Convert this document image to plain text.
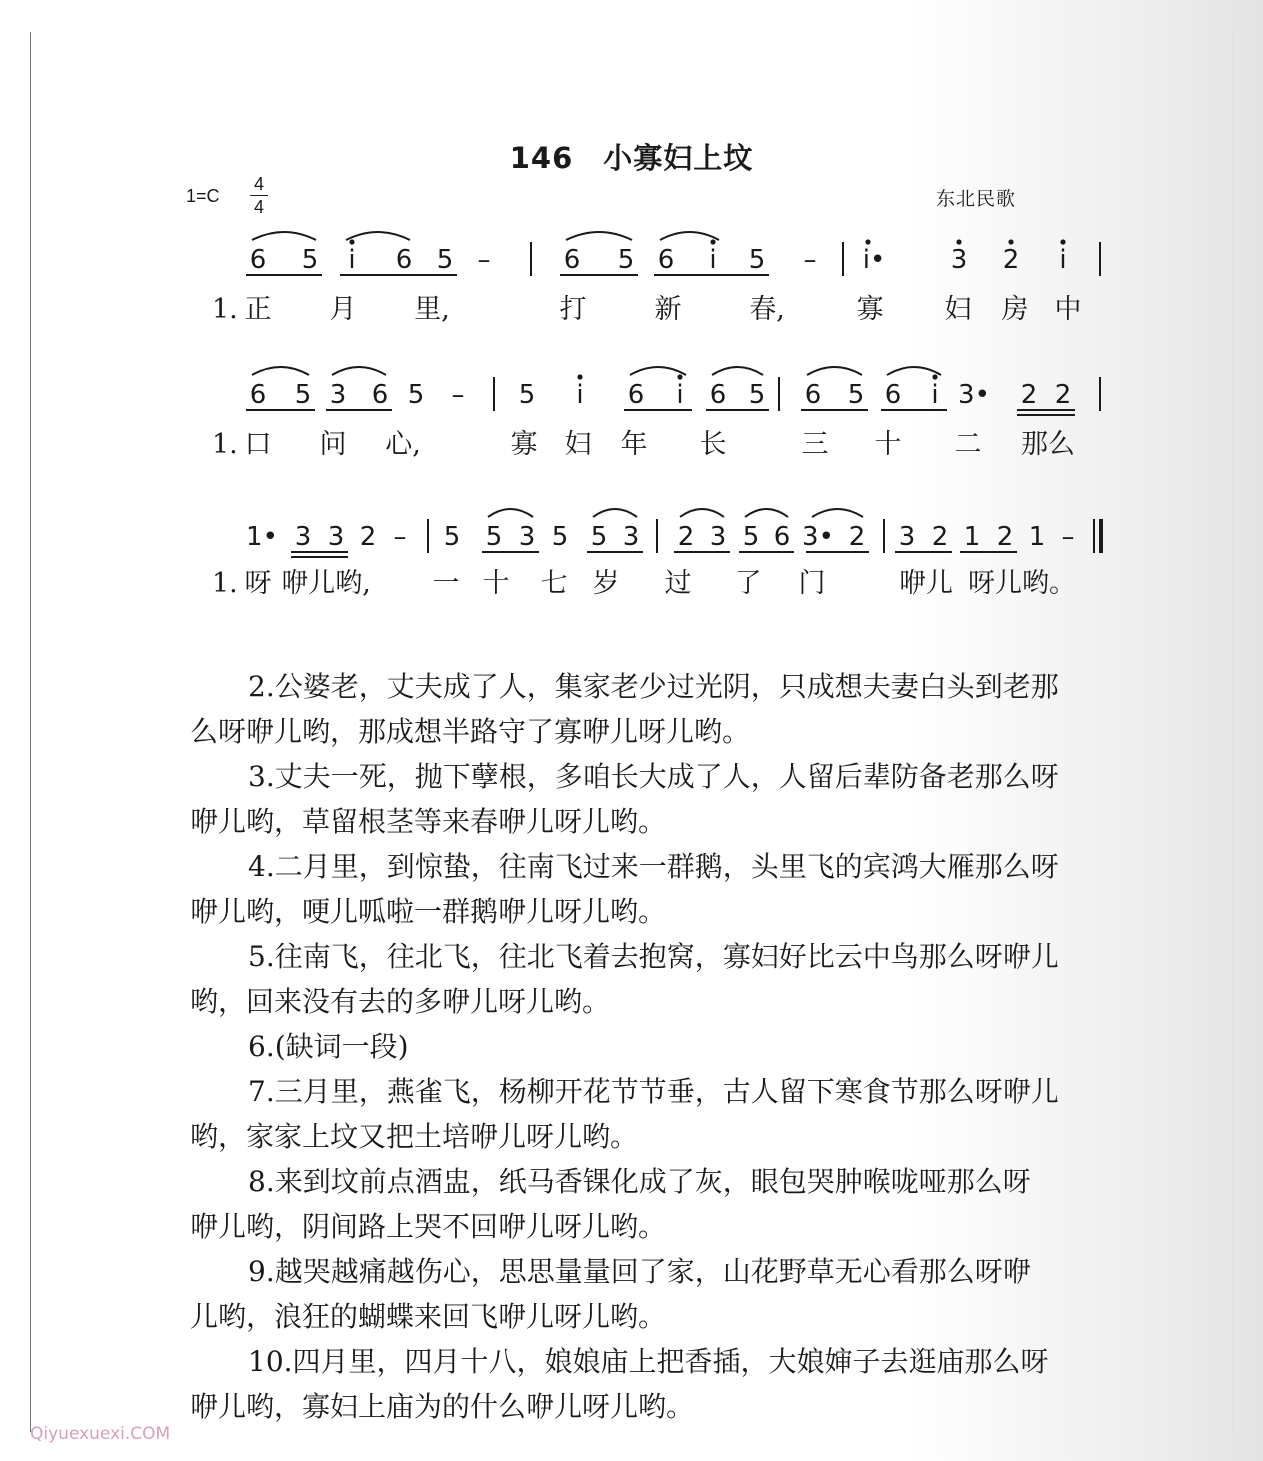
146　小寡妇上坟
1=C
4
4	东北民歌
6 5 i 6 5 –	6 5 6 i 5 – i•	3 2 i
1. 正 月 里,	打	新	春,	寡 妇 房 中
6 5 3 6 5 – 5 i 6 i 6 5 6 5 6 i 3• 2 2
1. 口 问 心,	寡 妇 年 长	三 十 二 那么
1• 3 3 2 – 5 5 3 5 5 3 2 3 5 6 3• 2 3 2 1 2 1 –
1. 呀 咿儿哟, 一 十 七 岁 过 了 门	咿儿 呀儿哟。

2.公婆老，丈夫成了人，集家老少过光阴，只成想夫妻白头到老那
么呀咿儿哟，那成想半路守了寡咿儿呀儿哟。

3.丈夫一死，抛下孽根，多咱长大成了人，人留后辈防备老那么呀
咿儿哟，草留根茎等来春咿儿呀儿哟。

4.二月里，到惊蛰，往南飞过来一群鹅，头里飞的宾鸿大雁那么呀
咿儿哟，哽儿呱啦一群鹅咿儿呀儿哟。

5.往南飞，往北飞，往北飞着去抱窝，寡妇好比云中鸟那么呀咿儿
哟，回来没有去的多咿儿呀儿哟。

6.(缺词一段)

7.三月里，燕雀飞，杨柳开花节节垂，古人留下寒食节那么呀咿儿
哟，家家上坟又把土培咿儿呀儿哟。

8.来到坟前点酒盅，纸马香锞化成了灰，眼包哭肿喉咙哑那么呀
咿儿哟，阴间路上哭不回咿儿呀儿哟。

9.越哭越痛越伤心，思思量量回了家，山花野草无心看那么呀咿
儿哟，浪狂的蝴蝶来回飞咿儿呀儿哟。

10.四月里，四月十八，娘娘庙上把香插，大娘婶子去逛庙那么呀
咿儿哟，寡妇上庙为的什么咿儿呀儿哟。

Qiyuexuexi.COM
